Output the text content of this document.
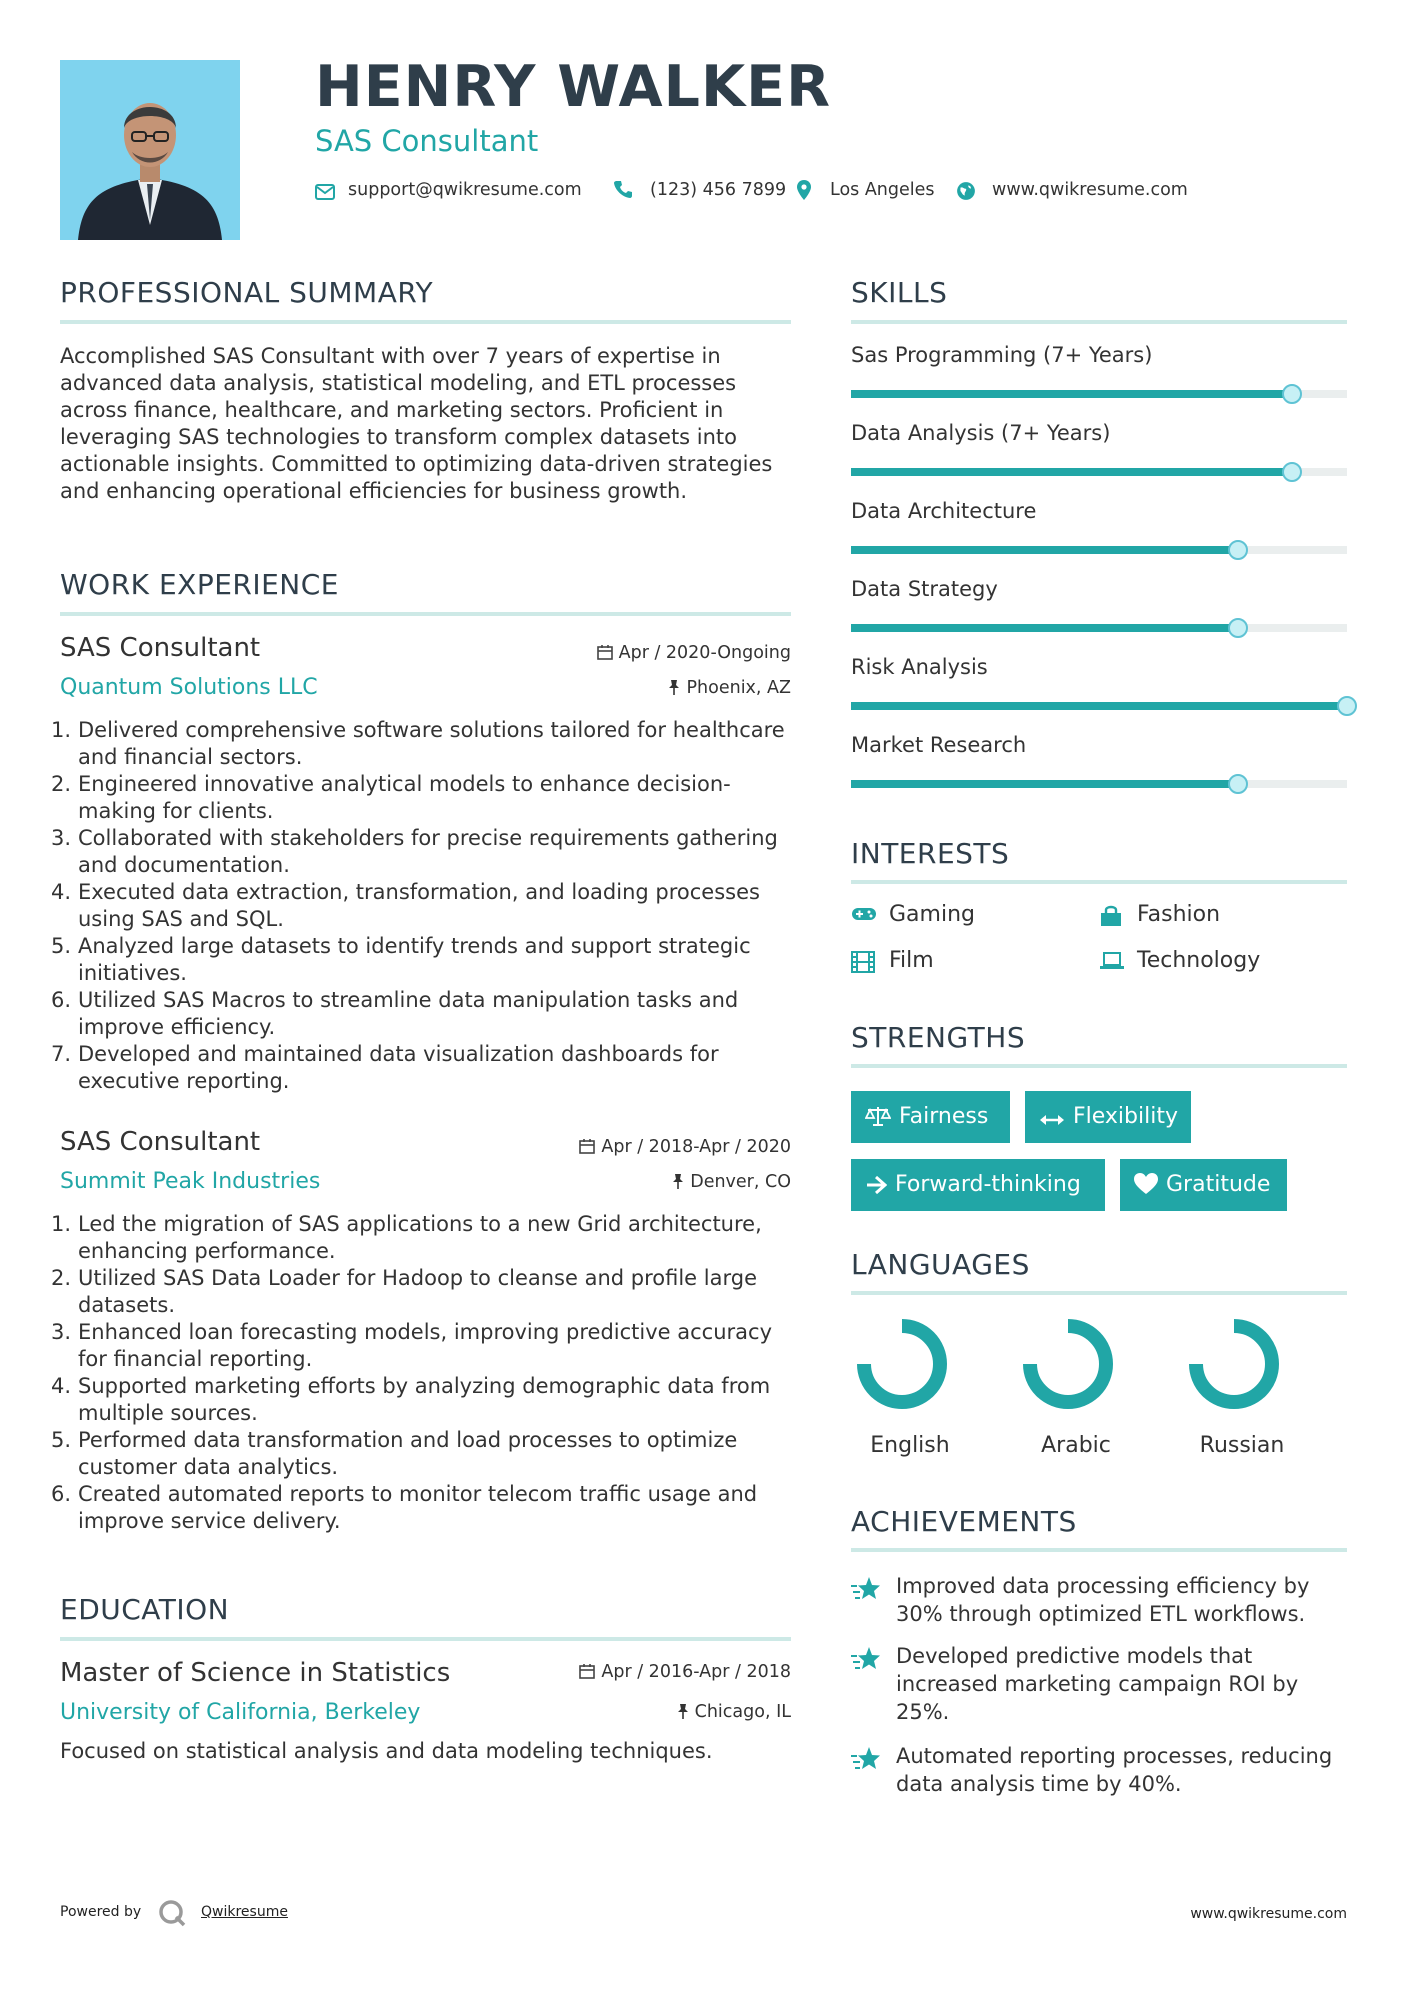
HENRY WALKER
SAS Consultant
support@qwikresume.com	(123) 456 7899	Los Angeles	www.qwikresume.com
PROFESSIONAL SUMMARY
Accomplished SAS Consultant with over 7 years of expertise in advanced data analysis, statistical modeling, and ETL processes across finance, healthcare, and marketing sectors. Proficient in leveraging SAS technologies to transform complex datasets into actionable insights. Committed to optimizing data-driven strategies and enhancing operational efficiencies for business growth.
WORK EXPERIENCE
SAS Consultant
Quantum Solutions LLC
Apr / 2020-Ongoing
Phoenix, AZ
Delivered comprehensive software solutions tailored for healthcare and financial sectors.
Engineered innovative analytical models to enhance decision-making for clients.
Collaborated with stakeholders for precise requirements gathering and documentation.
Executed data extraction, transformation, and loading processes using SAS and SQL.
Analyzed large datasets to identify trends and support strategic initiatives.
Utilized SAS Macros to streamline data manipulation tasks and improve efficiency.
Developed and maintained data visualization dashboards for executive reporting.
SAS Consultant
Summit Peak Industries
Apr / 2018-Apr / 2020
Denver, CO
Led the migration of SAS applications to a new Grid architecture, enhancing performance.
Utilized SAS Data Loader for Hadoop to cleanse and profile large datasets.
Enhanced loan forecasting models, improving predictive accuracy for financial reporting.
Supported marketing efforts by analyzing demographic data from multiple sources.
Performed data transformation and load processes to optimize customer data analytics.
Created automated reports to monitor telecom traffic usage and improve service delivery.
EDUCATION
Master of Science in Statistics
University of California, Berkeley
Apr / 2016-Apr / 2018
Chicago, IL
Focused on statistical analysis and data modeling techniques.
SKILLS
Sas Programming (7+ Years)
Data Analysis (7+ Years)
Data Architecture
Data Strategy
Risk Analysis
Market Research
INTERESTS
Gaming	Fashion
Film	Technology
STRENGTHS
Fairness	Flexibility
Forward-thinking	Gratitude
LANGUAGES
English	Arabic	Russian
ACHIEVEMENTS
Improved data processing efficiency by 30% through optimized ETL workflows.
Developed predictive models that increased marketing campaign ROI by 25%.
Automated reporting processes, reducing data analysis time by 40%.
Powered by	Qwikresume	www.qwikresume.com
